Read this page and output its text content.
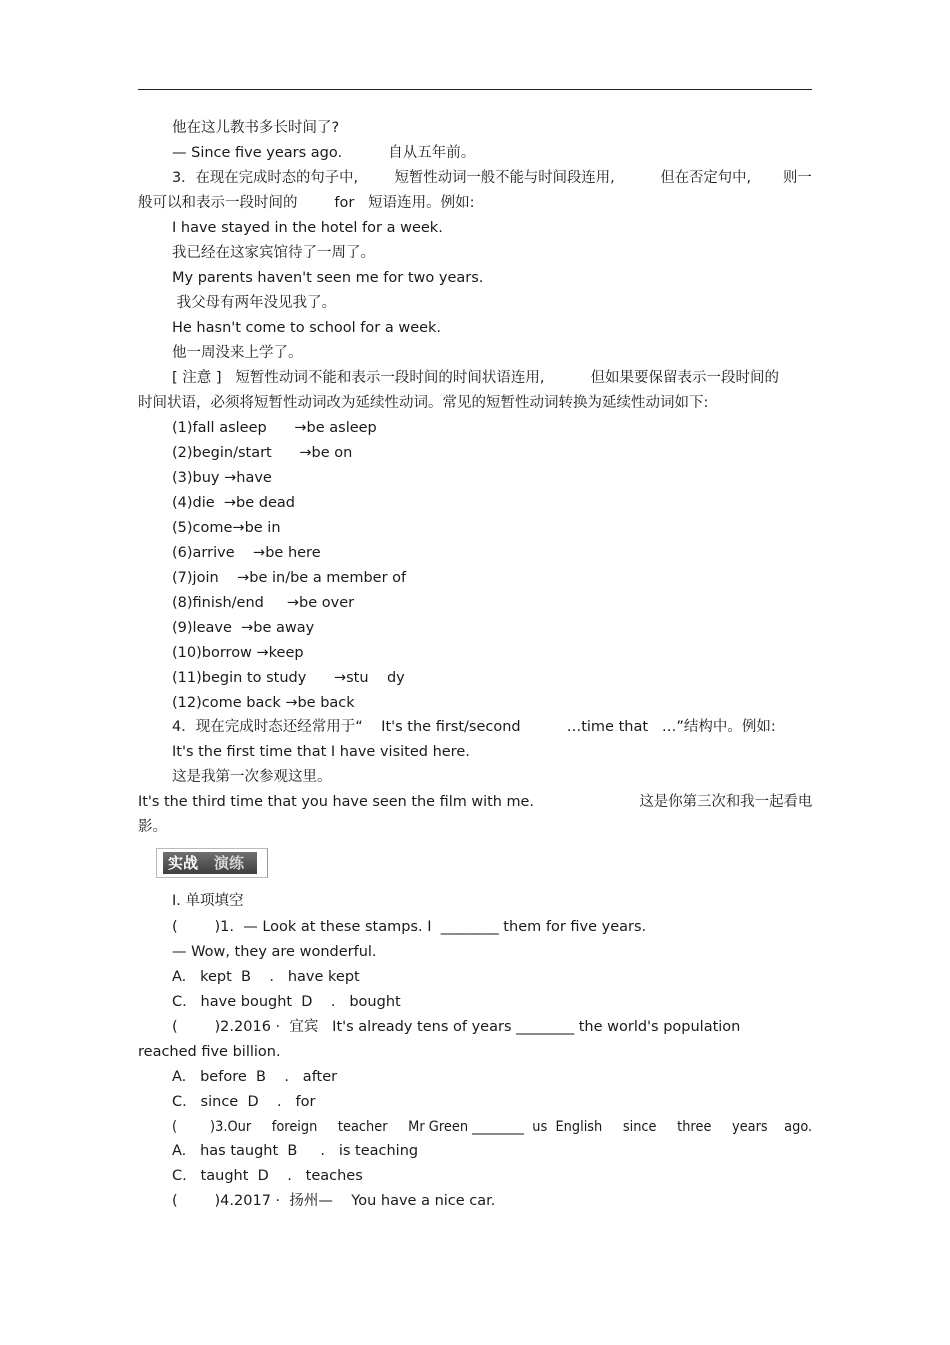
他在这儿教书多长时间了?
— Since five years ago.          自从五年前。
3．在现在完成时态的句子中,        短暂性动词一般不能与时间段连用,          但在否定句中,       则一
般可以和表示一段时间的        for   短语连用。例如:
I have stayed in the hotel for a week.
我已经在这家宾馆待了一周了。
My parents haven't seen me for two years.
我父母有两年没见我了。
He hasn't come to school for a week.
他一周没来上学了。
[ 注意 ]   短暂性动词不能和表示一段时间的时间状语连用,          但如果要保留表示一段时间的
时间状语，必须将短暂性动词改为延续性动词。常见的短暂性动词转换为延续性动词如下:
(1)fall asleep      →be asleep
(2)begin/start      →be on
(3)buy →have
(4)die  →be dead
(5)come→be in
(6)arrive    →be here
(7)join    →be in/be a member of
(8)finish/end     →be over
(9)leave  →be away
(10)borrow →keep
(11)begin to study      →stu    dy
(12)come back →be back
4．现在完成时态还经常用于“    It's the first/second          …time that   …”结构中。例如:
It's the first time that I have visited here.
这是我第一次参观这里。
It's the third time that you have seen the film with me.                       这是你第三次和我一起看电
影。
实战 演练
Ⅰ. 单项填空
(        )1.  — Look at these stamps. I  ________ them for five years.
— Wow, they are wonderful.
A.   kept  B    .   have kept
C.   have bought  D    .   bought
(        )2.2016 ·  宜宾   It's already tens of years ________ the world's population
reached five billion.
A.   before  B    .   after
C.   since  D    .   for
(        )3.Our     foreign     teacher     Mr Green ________  us  English     since     three     years    ago.
A.   has taught  B     .   is teaching
C.   taught  D    .   teaches
(        )4.2017 ·  扬州—    You have a nice car.
